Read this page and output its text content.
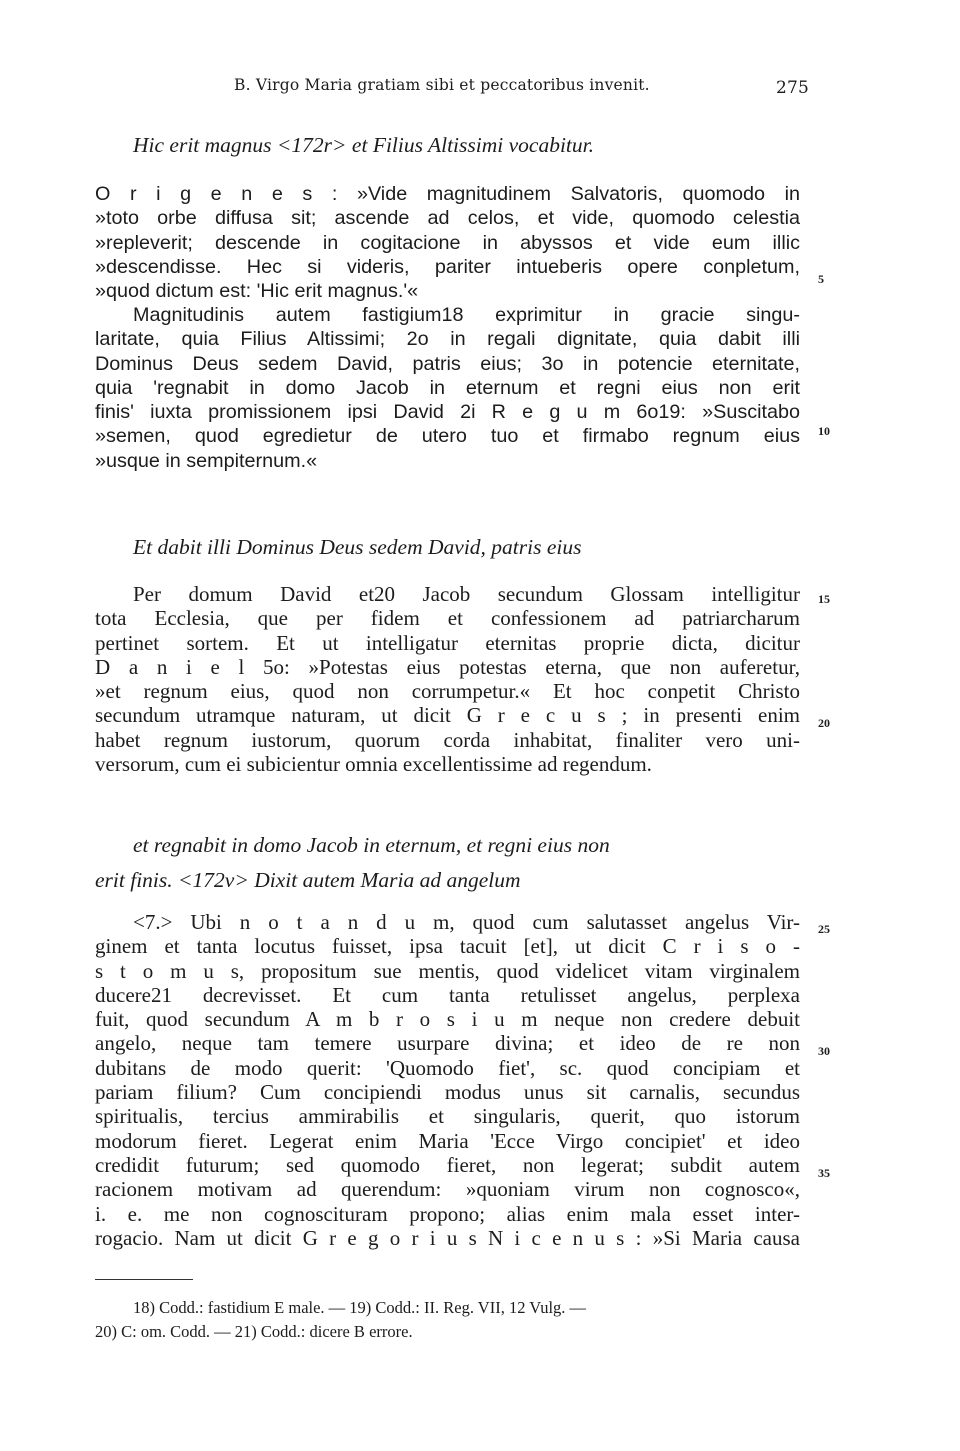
B. Virgo Maria gratiam sibi et peccatoribus invenit.	275
Hic erit magnus <172r> et Filius Altissimi vocabitur.
O r i g e n e s : »Vide magnitudinem Salvatoris, quomodo in
»toto orbe diffusa sit; ascende ad celos, et vide, quomodo celestia
»repleverit; descende in cogitacione in abyssos et vide eum illic
»descendisse. Hec si videris, pariter intueberis opere conpletum,
»quod dictum est: 'Hic erit magnus.'«
Magnitudinis autem fastigium18 exprimitur in gracie singu-
laritate, quia Filius Altissimi; 2o in regali dignitate, quia dabit illi
Dominus Deus sedem David, patris eius; 3o in potencie eternitate,
quia 'regnabit in domo Jacob in eternum et regni eius non erit
finis' iuxta promissionem ipsi David 2i R e g u m 6o19: »Suscitabo
»semen, quod egredietur de utero tuo et firmabo regnum eius
»usque in sempiternum.«
Et dabit illi Dominus Deus sedem David, patris eius
Per domum David et20 Jacob secundum Glossam intelligitur
tota Ecclesia, que per fidem et confessionem ad patriarcharum
pertinet sortem. Et ut intelligatur eternitas proprie dicta, dicitur
D a n i e l 5o: »Potestas eius potestas eterna, que non auferetur,
»et regnum eius, quod non corrumpetur.« Et hoc conpetit Christo
secundum utramque naturam, ut dicit G r e c u s ; in presenti enim
habet regnum iustorum, quorum corda inhabitat, finaliter vero uni-
versorum, cum ei subicientur omnia excellentissime ad regendum.
et regnabit in domo Jacob in eternum, et regni eius non
erit finis. <172v> Dixit autem Maria ad angelum
<7.> Ubi n o t a n d u m, quod cum salutasset angelus Vir-
ginem et tanta locutus fuisset, ipsa tacuit [et], ut dicit C r i s o -
s t o m u s, propositum sue mentis, quod videlicet vitam virginalem
ducere21 decrevisset. Et cum tanta retulisset angelus, perplexa
fuit, quod secundum A m b r o s i u m neque non credere debuit
angelo, neque tam temere usurpare divina; et ideo de re non
dubitans de modo querit: 'Quomodo fiet', sc. quod concipiam et
pariam filium? Cum concipiendi modus unus sit carnalis, secundus
spiritualis, tercius ammirabilis et singularis, querit, quo istorum
modorum fieret. Legerat enim Maria 'Ecce Virgo concipiet' et ideo
credidit futurum; sed quomodo fieret, non legerat; subdit autem
racionem motivam ad querendum: »quoniam virum non cognosco«,
i. e. me non cognoscituram propono; alias enim mala esset inter-
rogacio. Nam ut dicit G r e g o r i u s N i c e n u s : »Si Maria causa
5
10
15
20
25
30
35
18) Codd.: fastidium E male. — 19) Codd.: II. Reg. VII, 12 Vulg. —
20) C: om. Codd. — 21) Codd.: dicere B errore.
